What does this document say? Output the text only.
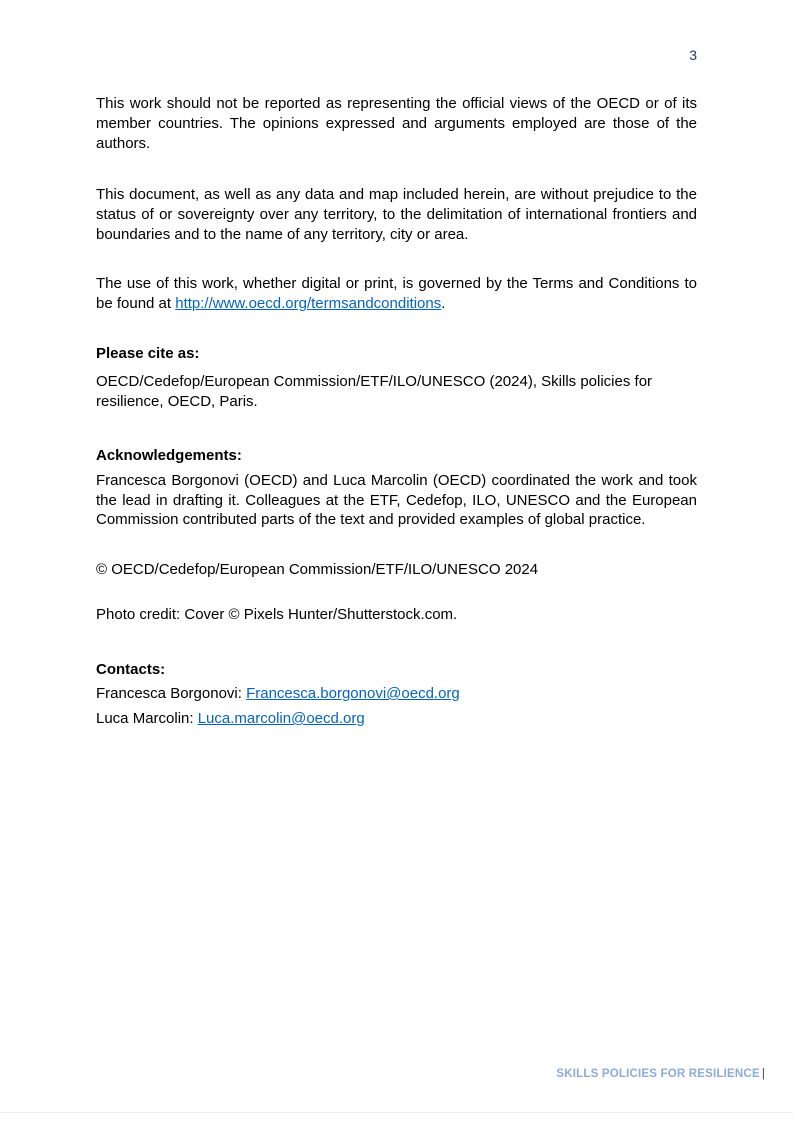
3

This work should not be reported as representing the official views of the OECD or of its member countries. The opinions expressed and arguments employed are those of the authors.

This document, as well as any data and map included herein, are without prejudice to the status of or sovereignty over any territory, to the delimitation of international frontiers and boundaries and to the name of any territory, city or area.

The use of this work, whether digital or print, is governed by the Terms and Conditions to be found at http://www.oecd.org/termsandconditions.

Please cite as:

OECD/Cedefop/European Commission/ETF/ILO/UNESCO (2024), Skills policies for resilience, OECD, Paris.

Acknowledgements:

Francesca Borgonovi (OECD) and Luca Marcolin (OECD) coordinated the work and took the lead in drafting it. Colleagues at the ETF, Cedefop, ILO, UNESCO and the European Commission contributed parts of the text and provided examples of global practice.

© OECD/Cedefop/European Commission/ETF/ILO/UNESCO 2024

Photo credit: Cover © Pixels Hunter/Shutterstock.com.

Contacts:

Francesca Borgonovi: Francesca.borgonovi@oecd.org

Luca Marcolin: Luca.marcolin@oecd.org

SKILLS POLICIES FOR RESILIENCE |
